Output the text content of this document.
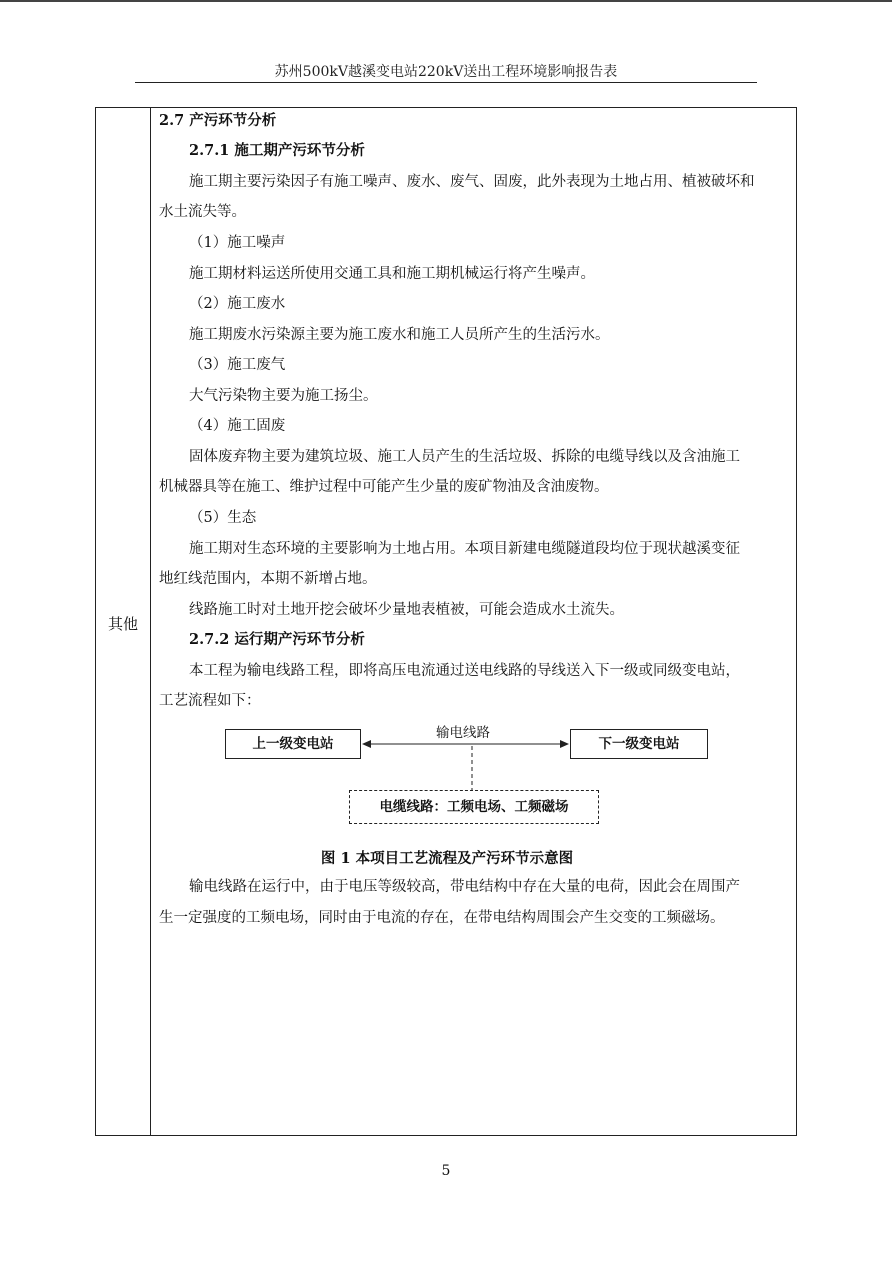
苏州500kV越溪变电站220kV送出工程环境影响报告表
其他
2.7 产污环节分析
2.7.1 施工期产污环节分析
施工期主要污染因子有施工噪声、废水、废气、固废，此外表现为土地占用、植被破坏和
水土流失等。
（1）施工噪声
施工期材料运送所使用交通工具和施工期机械运行将产生噪声。
（2）施工废水
施工期废水污染源主要为施工废水和施工人员所产生的生活污水。
（3）施工废气
大气污染物主要为施工扬尘。
（4）施工固废
固体废弃物主要为建筑垃圾、施工人员产生的生活垃圾、拆除的电缆导线以及含油施工
机械器具等在施工、维护过程中可能产生少量的废矿物油及含油废物。
（5）生态
施工期对生态环境的主要影响为土地占用。本项目新建电缆隧道段均位于现状越溪变征
地红线范围内，本期不新增占地。
线路施工时对土地开挖会破坏少量地表植被，可能会造成水土流失。
2.7.2 运行期产污环节分析
本工程为输电线路工程，即将高压电流通过送电线路的导线送入下一级或同级变电站，
工艺流程如下：
输电线路
上一级变电站	下一级变电站
电缆线路：工频电场、工频磁场
图 1 本项目工艺流程及产污环节示意图
输电线路在运行中，由于电压等级较高，带电结构中存在大量的电荷，因此会在周围产
生一定强度的工频电场，同时由于电流的存在，在带电结构周围会产生交变的工频磁场。
5
